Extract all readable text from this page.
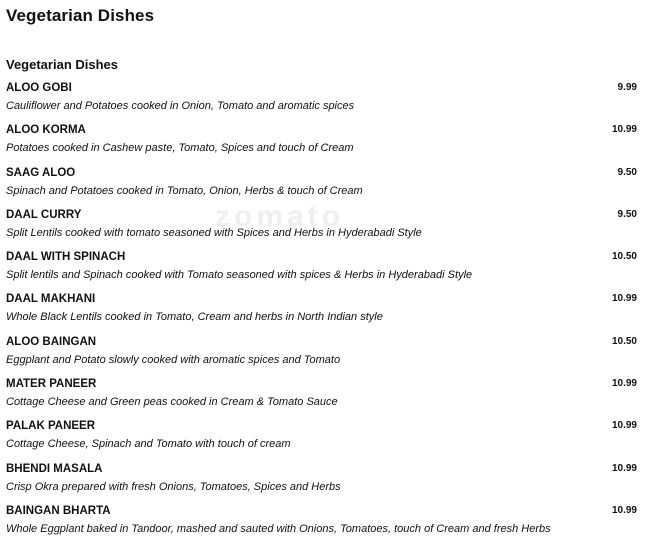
zomato
Vegetarian Dishes
Vegetarian Dishes
ALOO GOBI	9.99
Cauliflower and Potatoes cooked in Onion, Tomato and aromatic spices
ALOO KORMA	10.99
Potatoes cooked in Cashew paste, Tomato, Spices and touch of Cream
SAAG ALOO	9.50
Spinach and Potatoes cooked in Tomato, Onion, Herbs & touch of Cream
DAAL CURRY	9.50
Split Lentils cooked with tomato seasoned with Spices and Herbs in Hyderabadi Style
DAAL WITH SPINACH	10.50
Split lentils and Spinach cooked with Tomato seasoned with spices & Herbs in Hyderabadi Style
DAAL MAKHANI	10.99
Whole Black Lentils cooked in Tomato, Cream and herbs in North Indian style
ALOO BAINGAN	10.50
Eggplant and Potato slowly cooked with aromatic spices and Tomato
MATER PANEER	10.99
Cottage Cheese and Green peas cooked in Cream & Tomato Sauce
PALAK PANEER	10.99
Cottage Cheese, Spinach and Tomato with touch of cream
BHENDI MASALA	10.99
Crisp Okra prepared with fresh Onions, Tomatoes, Spices and Herbs
BAINGAN BHARTA	10.99
Whole Eggplant baked in Tandoor, mashed and sauted with Onions, Tomatoes, touch of Cream and fresh Herbs
